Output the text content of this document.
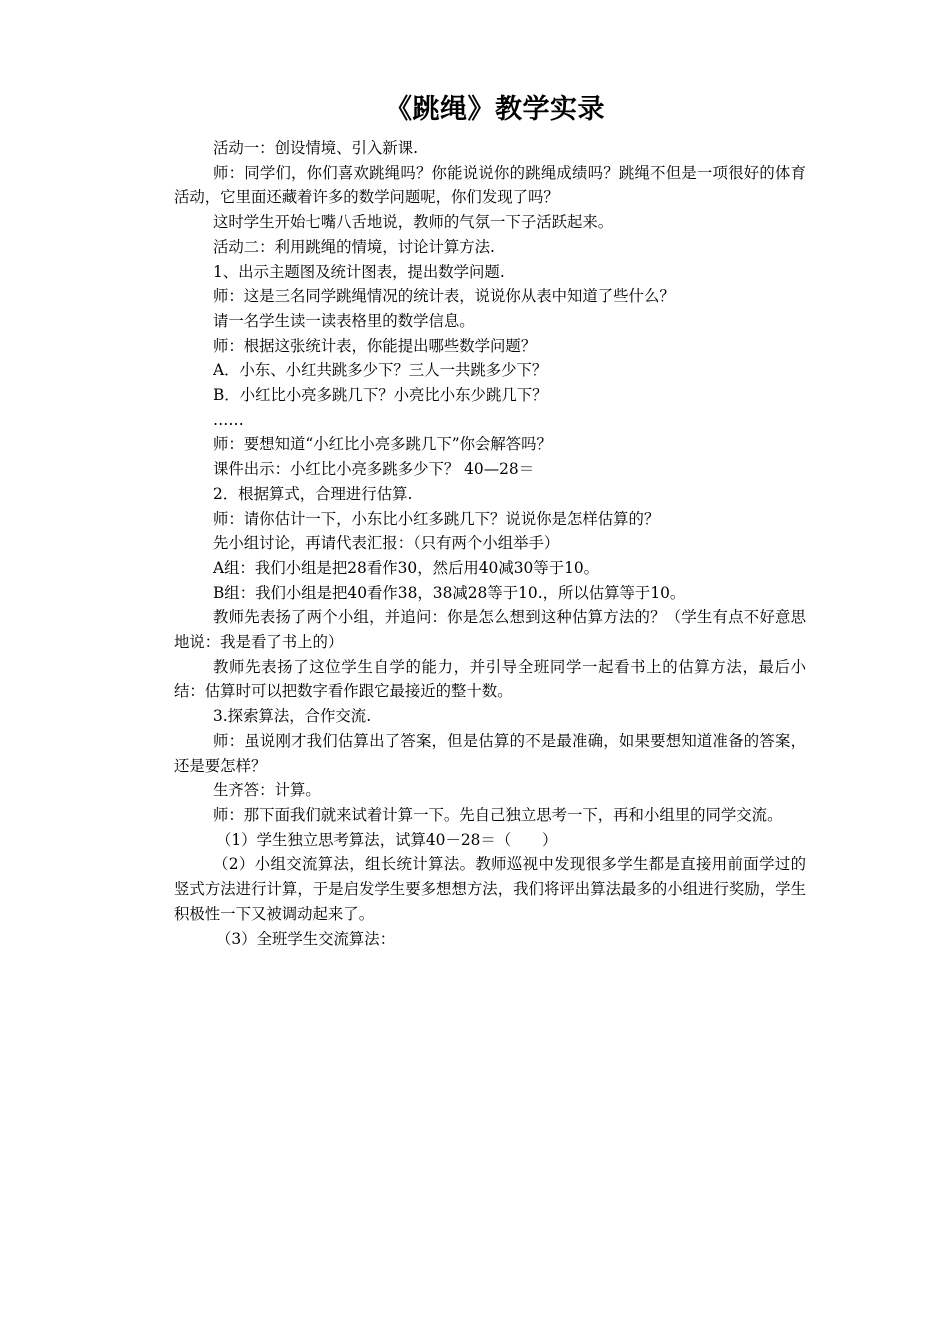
《跳绳》教学实录

活动一：创设情境、引入新课.

师：同学们，你们喜欢跳绳吗？你能说说你的跳绳成绩吗？跳绳不但是一项很好的体育活动，它里面还藏着许多的数学问题呢，你们发现了吗？

这时学生开始七嘴八舌地说，教师的气氛一下子活跃起来。

活动二：利用跳绳的情境，讨论计算方法.

1、出示主题图及统计图表，提出数学问题.

师：这是三名同学跳绳情况的统计表，说说你从表中知道了些什么？

请一名学生读一读表格里的数学信息。

师：根据这张统计表，你能提出哪些数学问题？

A．小东、小红共跳多少下？三人一共跳多少下？

B．小红比小亮多跳几下？小亮比小东少跳几下？

……

师：要想知道“小红比小亮多跳几下”你会解答吗？

课件出示：小红比小亮多跳多少下？ 40—28＝

2．根据算式，合理进行估算.

师：请你估计一下，小东比小红多跳几下？说说你是怎样估算的？

先小组讨论，再请代表汇报：（只有两个小组举手）

A组：我们小组是把28看作30，然后用40减30等于10。

B组：我们小组是把40看作38，38减28等于10.，所以估算等于10。

教师先表扬了两个小组，并追问：你是怎么想到这种估算方法的？（学生有点不好意思地说：我是看了书上的）

教师先表扬了这位学生自学的能力，并引导全班同学一起看书上的估算方法，最后小结：估算时可以把数字看作跟它最接近的整十数。

3.探索算法，合作交流.

师：虽说刚才我们估算出了答案，但是估算的不是最准确，如果要想知道准备的答案，还是要怎样？

生齐答：计算。

师：那下面我们就来试着计算一下。先自己独立思考一下，再和小组里的同学交流。

（1）学生独立思考算法，试算40－28＝（　　）

（2）小组交流算法，组长统计算法。教师巡视中发现很多学生都是直接用前面学过的竖式方法进行计算，于是启发学生要多想想方法，我们将评出算法最多的小组进行奖励，学生积极性一下又被调动起来了。

（3）全班学生交流算法：
